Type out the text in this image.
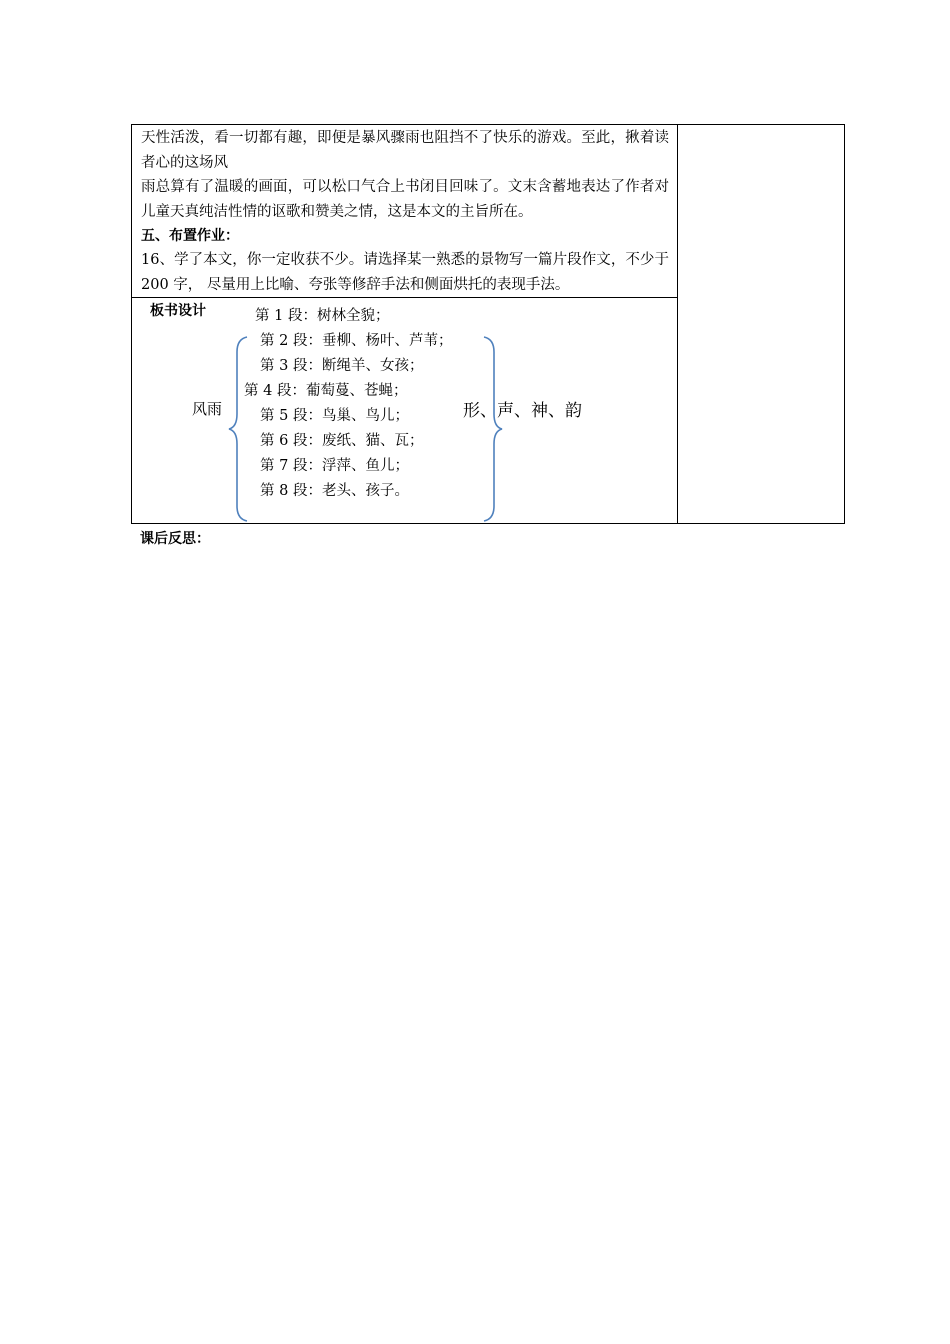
天性活泼，看一切都有趣，即便是暴风骤雨也阻挡不了快乐的游戏。至此，揪着读者心的这场风
雨总算有了温暖的画面，可以松口气合上书闭目回味了。文末含蓄地表达了作者对儿童天真纯洁性情的讴歌和赞美之情，这是本文的主旨所在。
五、布置作业：
16、学了本文，你一定收获不少。请选择某一熟悉的景物写一篇片段作文，不少于 200 字， 尽量用上比喻、夸张等修辞手法和侧面烘托的表现手法。

板书设计
风雨
第 1 段：树林全貌；
第 2 段：垂柳、杨叶、芦苇；
第 3 段：断绳羊、女孩；
第 4 段：葡萄蔓、苍蝇；
第 5 段：鸟巢、鸟儿；
第 6 段：废纸、猫、瓦；
第 7 段：浮萍、鱼儿；
第 8 段：老头、孩子。
形、声、神、韵
课后反思：
